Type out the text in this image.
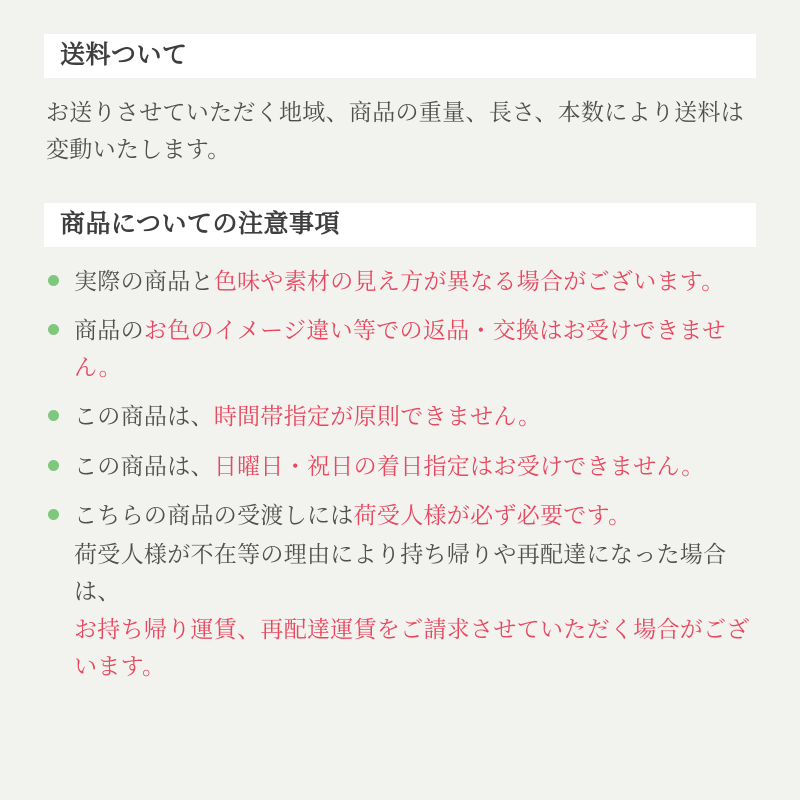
送料ついて

お送りさせていただく地域、商品の重量、長さ、本数により送料は変動いたします。

商品についての注意事項
実際の商品と色味や素材の見え方が異なる場合がございます。
商品のお色のイメージ違い等での返品・交換はお受けできません。
この商品は、時間帯指定が原則できません。
この商品は、日曜日・祝日の着日指定はお受けできません。
こちらの商品の受渡しには荷受人様が必ず必要です。
荷受人様が不在等の理由により持ち帰りや再配達になった場合は、
お持ち帰り運賃、再配達運賃をご請求させていただく場合がございます。
